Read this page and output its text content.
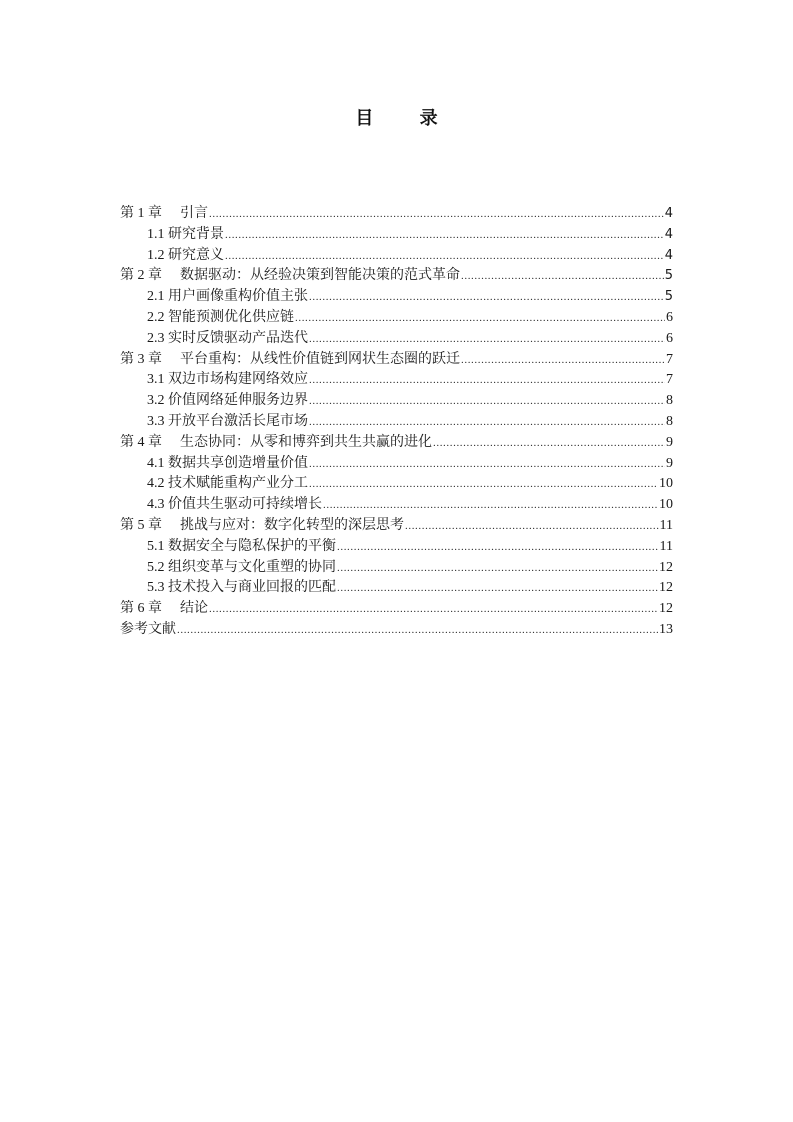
目 录
第 1 章 引言 .....	4
1.1 研究背景 .....	4
1.2 研究意义 .....	4
第 2 章 数据驱动：从经验决策到智能决策的范式革命 .....	5
2.1 用户画像重构价值主张 .....	5
2.2 智能预测优化供应链 .....	6
2.3 实时反馈驱动产品迭代 .....	6
第 3 章 平台重构：从线性价值链到网状生态圈的跃迁 .....	7
3.1 双边市场构建网络效应 .....	7
3.2 价值网络延伸服务边界 .....	8
3.3 开放平台激活长尾市场 .....	8
第 4 章 生态协同：从零和博弈到共生共赢的进化 .....	9
4.1 数据共享创造增量价值 .....	9
4.2 技术赋能重构产业分工 .....	10
4.3 价值共生驱动可持续增长 .....	10
第 5 章 挑战与应对：数字化转型的深层思考 .....	11
5.1 数据安全与隐私保护的平衡 .....	11
5.2 组织变革与文化重塑的协同 .....	12
5.3 技术投入与商业回报的匹配 .....	12
第 6 章 结论 .....	12
参考文献 .....	13
